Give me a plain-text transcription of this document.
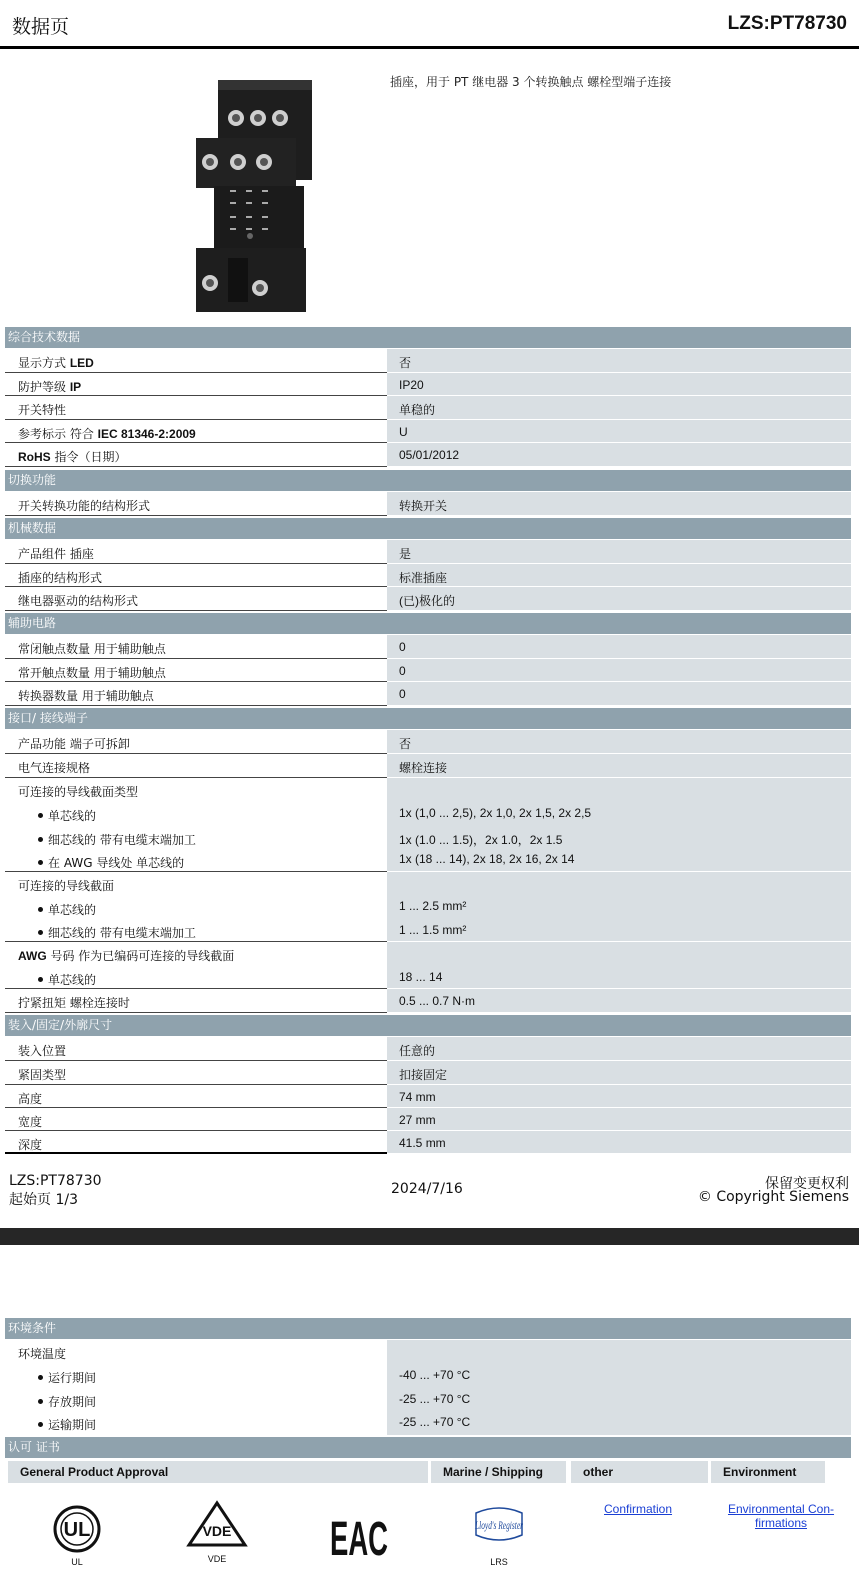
数据页	LZS:PT78730
插座，用于 PT 继电器 3 个转换触点 螺栓型端子连接
综合技术数据
显示方式 LED	否
防护等级 IP	IP20
开关特性	单稳的
参考标示 符合 IEC 81346-2:2009	U
RoHS 指令（日期）	05/01/2012
切换功能
开关转换功能的结构形式	转换开关
机械数据
产品组件 插座	是
插座的结构形式	标准插座
继电器驱动的结构形式	(已)极化的
辅助电路
常闭触点数量 用于辅助触点	0
常开触点数量 用于辅助触点	0
转换器数量 用于辅助触点	0
接口/ 接线端子
产品功能 端子可拆卸	否
电气连接规格	螺栓连接
可连接的导线截面类型
单芯线的	1x (1,0 ... 2,5), 2x 1,0, 2x 1,5, 2x 2,5
细芯线的 带有电缆末端加工	1x (1.0 ... 1.5)，2x 1.0，2x 1.5
在 AWG 导线处 单芯线的	1x (18 ... 14), 2x 18, 2x 16, 2x 14
可连接的导线截面
单芯线的	1 ... 2.5 mm²
细芯线的 带有电缆末端加工	1 ... 1.5 mm²
AWG 号码 作为已编码可连接的导线截面
单芯线的	18 ... 14
拧紧扭矩 螺栓连接时	0.5 ... 0.7 N·m
装入/固定/外廓尺寸
装入位置	任意的
紧固类型	扣接固定
高度	74 mm
宽度	27 mm
深度	41.5 mm
LZS:PT78730
起始页 1/3
2024/7/16	保留变更权利
© Copyright Siemens
环境条件
环境温度
运行期间	-40 ... +70 °C
存放期间	-25 ... +70 °C
运输期间	-25 ... +70 °C
认可 证书
General Product Approval	Marine / Shipping	other	Environment
UL
UL
VDE
VDE	EAC	Lloyd's Register
LRS
Confirmation	Environmental Con-firmations
